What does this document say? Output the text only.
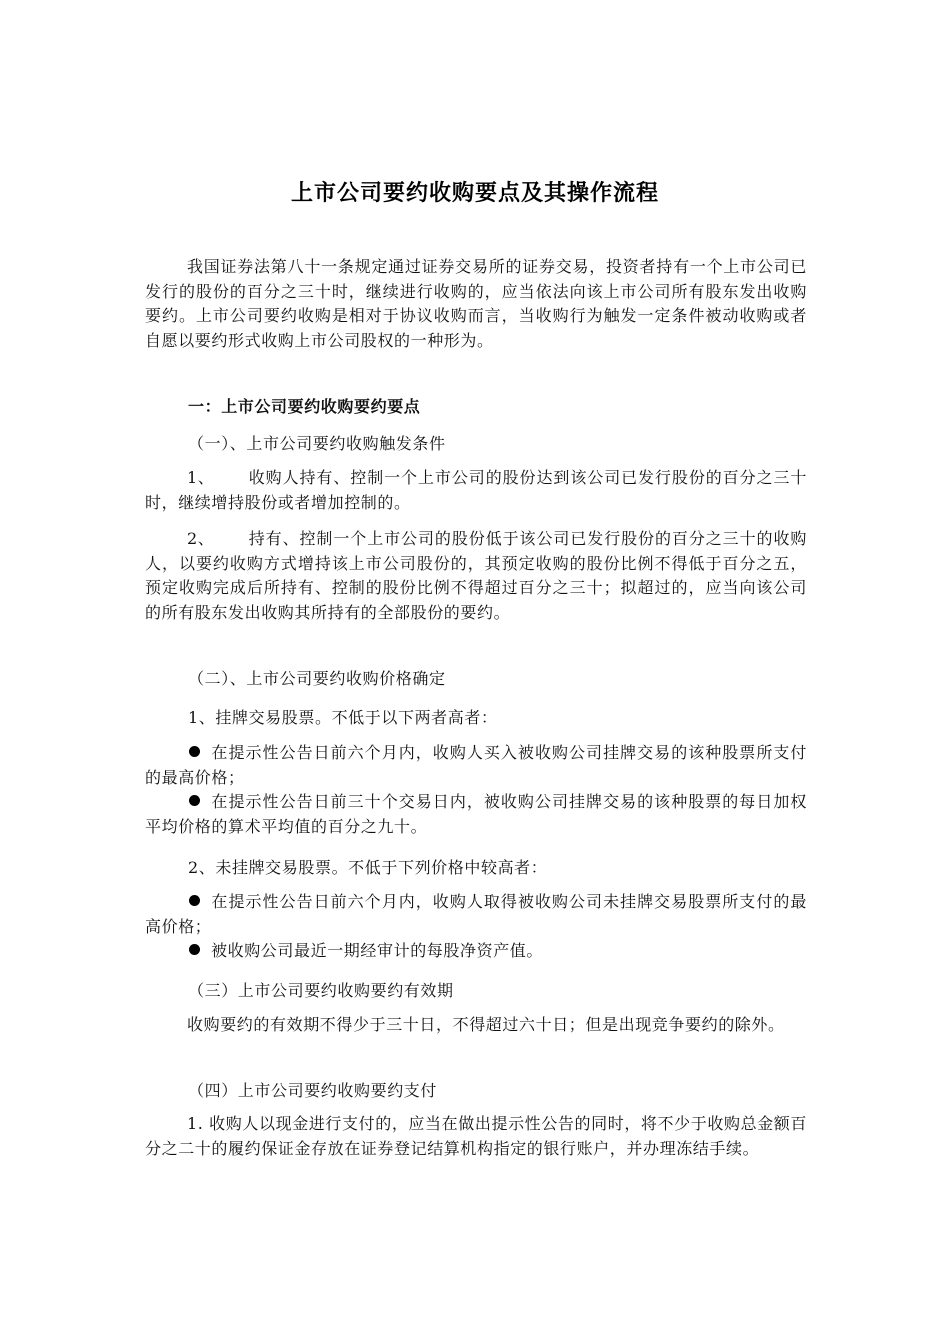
上市公司要约收购要点及其操作流程
我国证券法第八十一条规定通过证券交易所的证券交易，投资者持有一个上市公司已发行的股份的百分之三十时，继续进行收购的，应当依法向该上市公司所有股东发出收购要约。上市公司要约收购是相对于协议收购而言，当收购行为触发一定条件被动收购或者自愿以要约形式收购上市公司股权的一种形为。
一：上市公司要约收购要约要点
（一）、上市公司要约收购触发条件
1、 收购人持有、控制一个上市公司的股份达到该公司已发行股份的百分之三十时，继续增持股份或者增加控制的。
2、 持有、控制一个上市公司的股份低于该公司已发行股份的百分之三十的收购人，以要约收购方式增持该上市公司股份的，其预定收购的股份比例不得低于百分之五，预定收购完成后所持有、控制的股份比例不得超过百分之三十；拟超过的，应当向该公司的所有股东发出收购其所持有的全部股份的要约。
（二）、上市公司要约收购价格确定
1、挂牌交易股票。不低于以下两者高者：
在提示性公告日前六个月内，收购人买入被收购公司挂牌交易的该种股票所支付的最高价格；
在提示性公告日前三十个交易日内，被收购公司挂牌交易的该种股票的每日加权平均价格的算术平均值的百分之九十。
2、未挂牌交易股票。不低于下列价格中较高者：
在提示性公告日前六个月内，收购人取得被收购公司未挂牌交易股票所支付的最高价格；
被收购公司最近一期经审计的每股净资产值。
（三）上市公司要约收购要约有效期
收购要约的有效期不得少于三十日，不得超过六十日；但是出现竞争要约的除外。
（四）上市公司要约收购要约支付
1. 收购人以现金进行支付的，应当在做出提示性公告的同时，将不少于收购总金额百分之二十的履约保证金存放在证券登记结算机构指定的银行账户，并办理冻结手续。
